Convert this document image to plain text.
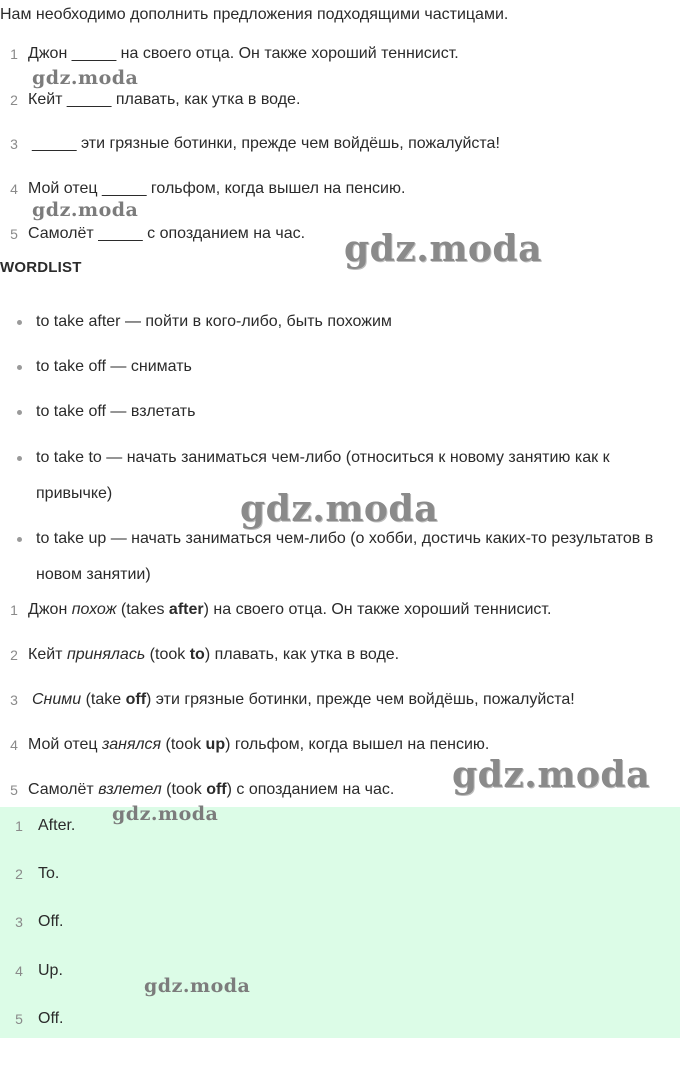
Нам необходимо дополнить предложения подходящими частицами.
1 Джон _____ на своего отца. Он также хороший теннисист.
2 Кейт _____ плавать, как утка в воде.
3 _____ эти грязные ботинки, прежде чем войдёшь, пожалуйста!
4 Мой отец _____ гольфом, когда вышел на пенсию.
5 Самолёт _____ с опозданием на час.
WORDLIST
to take after — пойти в кого-либо, быть похожим
to take off — снимать
to take off — взлетать
to take to — начать заниматься чем-либо (относиться к новому занятию как к привычке)
to take up — начать заниматься чем-либо (о хобби, достичь каких-то результатов в новом занятии)
1 Джон похож (takes after) на своего отца. Он также хороший теннисист.
2 Кейт принялась (took to) плавать, как утка в воде.
3 Сними (take off) эти грязные ботинки, прежде чем войдёшь, пожалуйста!
4 Мой отец занялся (took up) гольфом, когда вышел на пенсию.
5 Самолёт взлетел (took off) с опозданием на час.
1 After.
2 To.
3 Off.
4 Up.
5 Off.
gdz.moda
gdz.moda
gdz.moda
gdz.moda
gdz.moda
gdz.moda
gdz.moda
